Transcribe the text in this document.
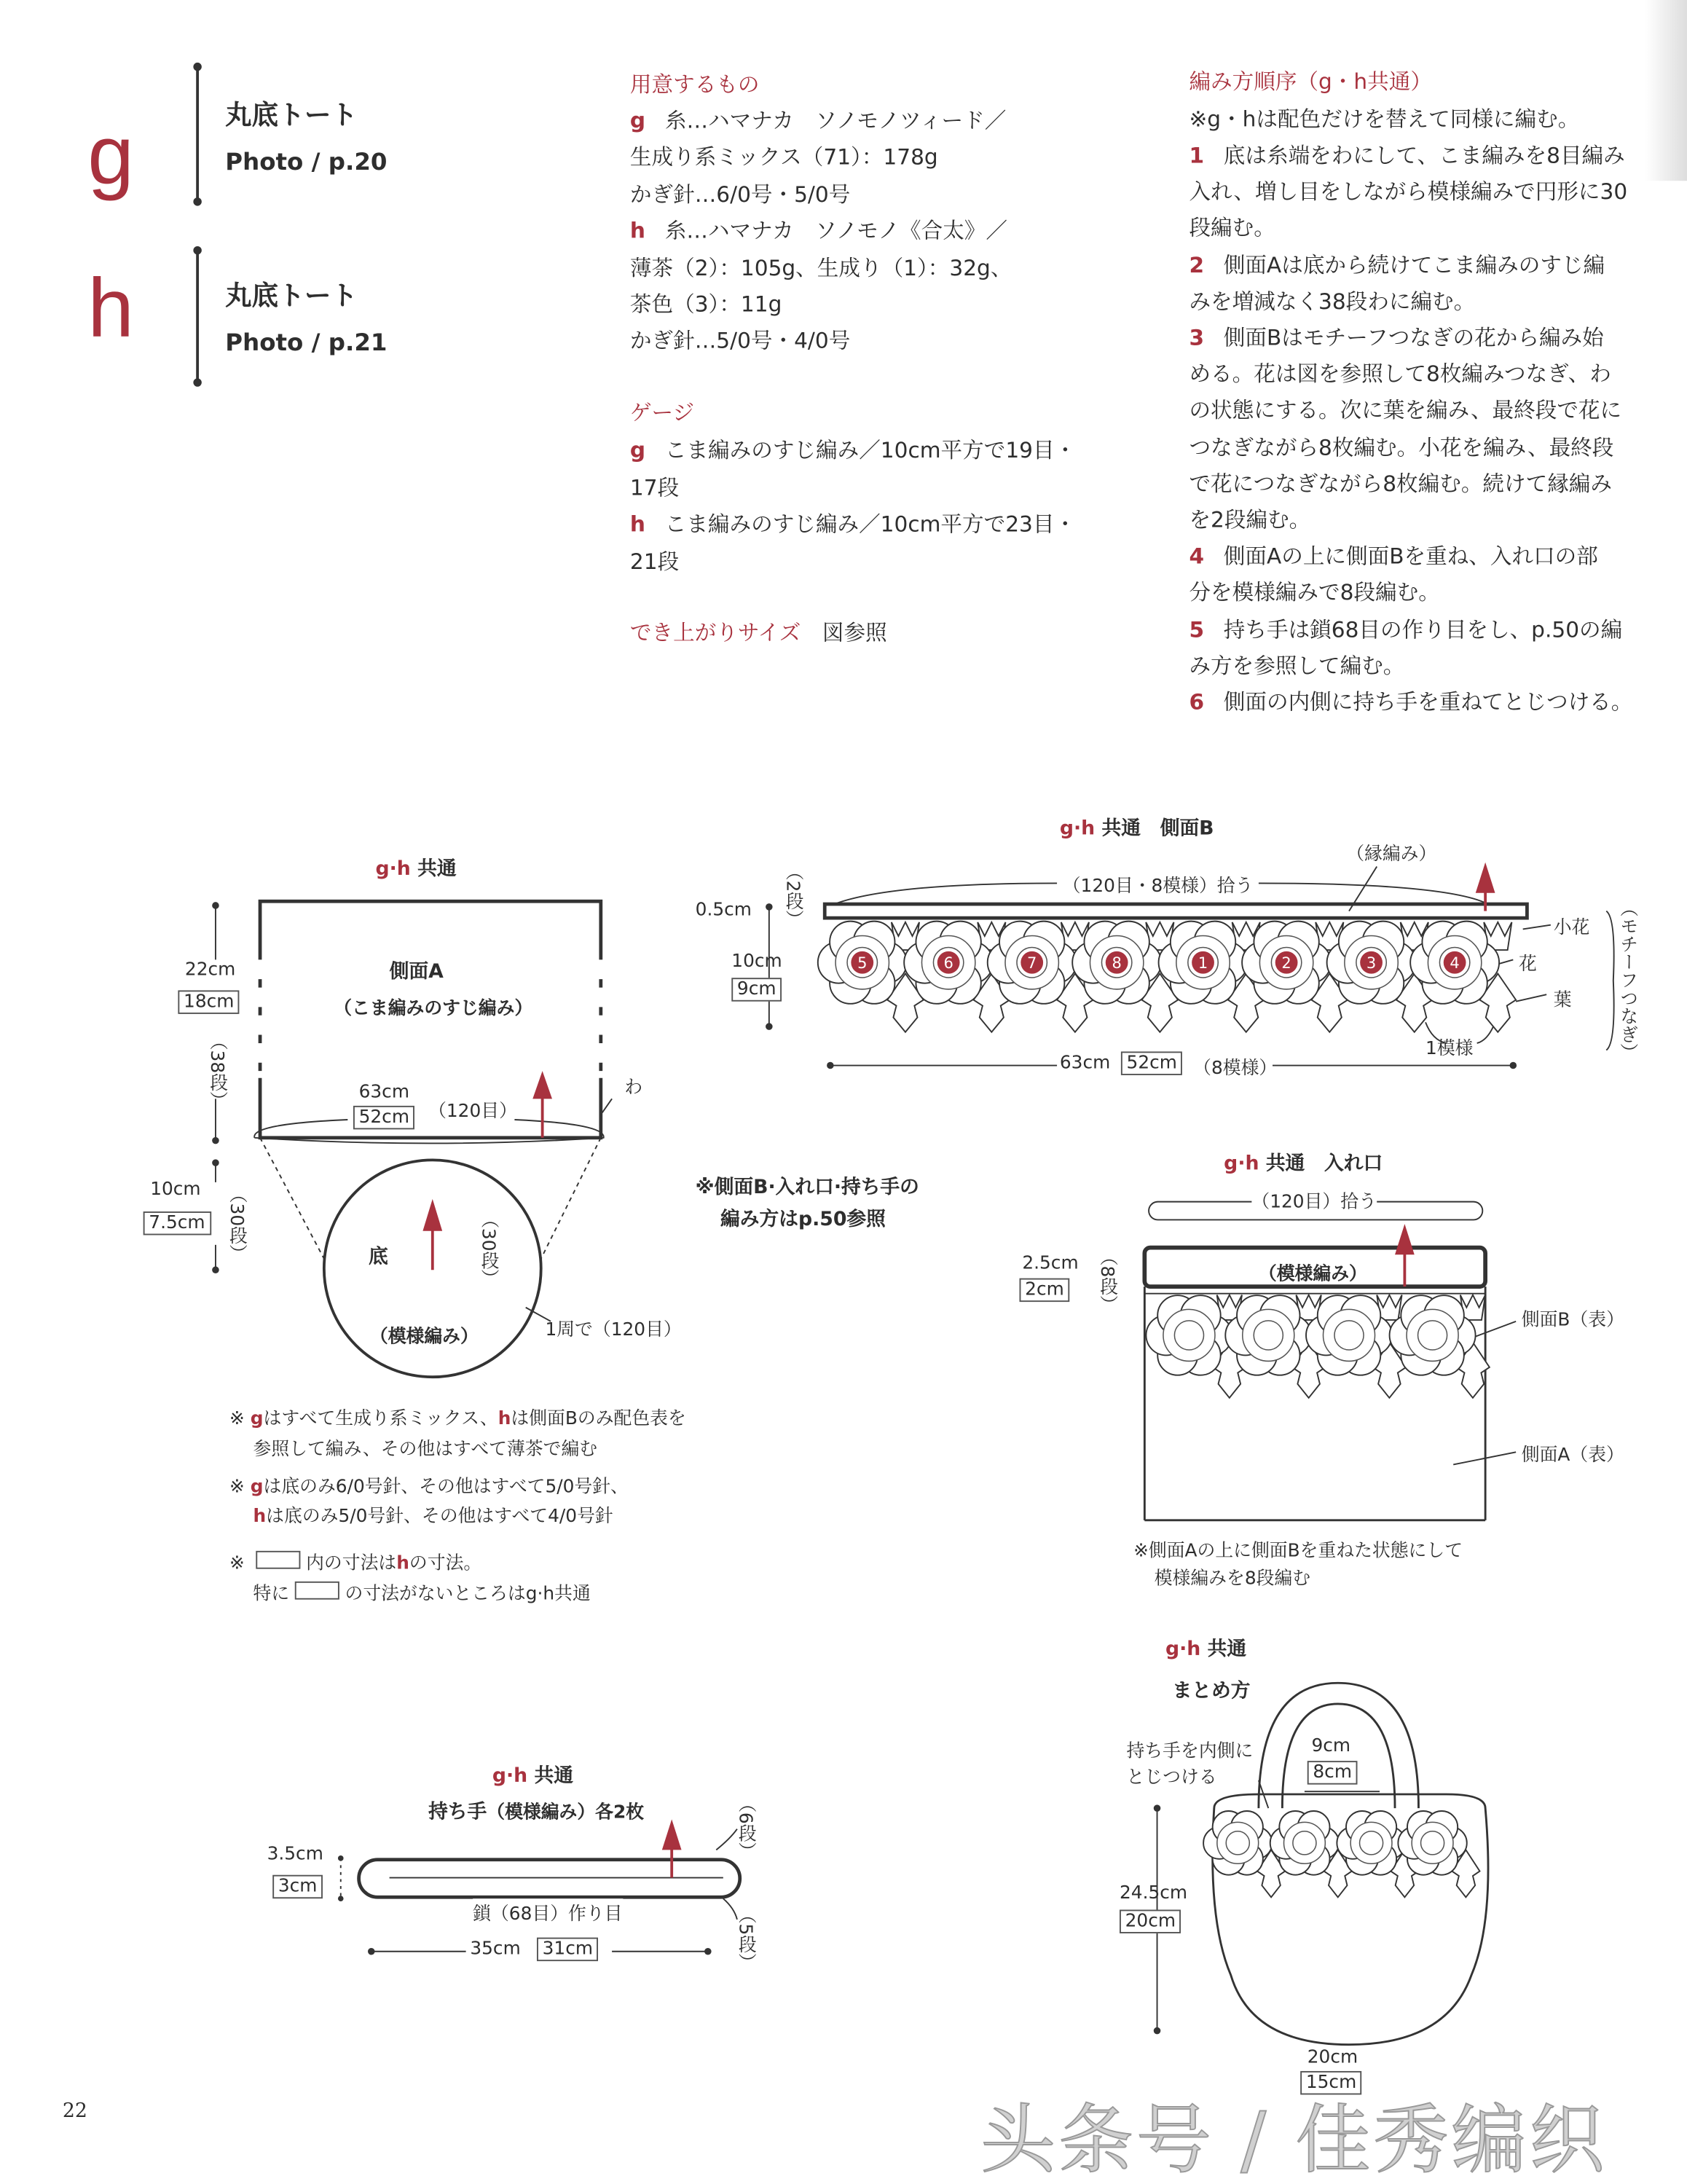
g	丸底トート
Photo / p.20
h	丸底トート
Photo / p.21
5	6	7	8	1	2	3	4
用意するもの
g 糸…ハマナカ　ソノモノツィード／
生成り系ミックス（71）：178g
かぎ針…6/0号・5/0号
h 糸…ハマナカ　ソノモノ《合太》／
薄茶（2）：105g、生成り（1）：32g、
茶色（3）：11g
かぎ針…5/0号・4/0号
ゲージ
g こま編みのすじ編み／10cm平方で19目・
17段
h こま編みのすじ編み／10cm平方で23目・
21段
でき上がりサイズ　 図参照
編み方順序（g・h共通）
※g・hは配色だけを替えて同様に編む。
1 底は糸端をわにして、こま編みを8目編み
入れ、増し目をしながら模様編みで円形に30
段編む。
2 側面Aは底から続けてこま編みのすじ編
みを増減なく38段わに編む。
3 側面Bはモチーフつなぎの花から編み始
める。花は図を参照して8枚編みつなぎ、わ
の状態にする。次に葉を編み、最終段で花に
つなぎながら8枚編む。小花を編み、最終段
で花につなぎながら8枚編む。続けて縁編み
を2段編む。
4 側面Aの上に側面Bを重ね、入れ口の部
分を模様編みで8段編む。
5 持ち手は鎖68目の作り目をし、p.50の編
み方を参照して編む。
6 側面の内側に持ち手を重ねてとじつける。
g·h 共通
側面A
（こま編みのすじ編み）
22cm
18cm
（38段）	63cm
52cm	（120目）
わ
10cm
7.5cm	（30段）	底	（30段）
（模様編み）	1周で（120目）
※ gはすべて生成り系ミックス、hは側面Bのみ配色表を
参照して編み、その他はすべて薄茶で編む
※ gは底のみ6/0号針、その他はすべて5/0号針、
hは底のみ5/0号針、その他はすべて4/0号針
※	内の寸法はhの寸法。
特に	の寸法がないところはg·h共通
g·h 共通　 側面B
（縁編み）
（120目・8模様）拾う
0.5cm	（2段）
10cm
9cm
小花
花
葉	（モチーフつなぎ）
1模様
63cm	52cm	（8模様）
※側面B·入れ口·持ち手の
編み方はp.50参照
g·h 共通　 入れ口
（120目）拾う
（模様編み）
2.5cm
2cm	（8段）
側面B（表）
側面A（表）
※側面Aの上に側面Bを重ねた状態にして
模様編みを8段編む
g·h 共通
まとめ方
持ち手を内側に
とじつける
9cm
8cm
24.5cm
20cm
20cm
15cm
g·h 共通
持ち手（模様編み）各2枚
3.5cm
3cm
鎖（68目）作り目
（6段）
（5段）
35cm	31cm
22	头条号 / 佳秀编织
